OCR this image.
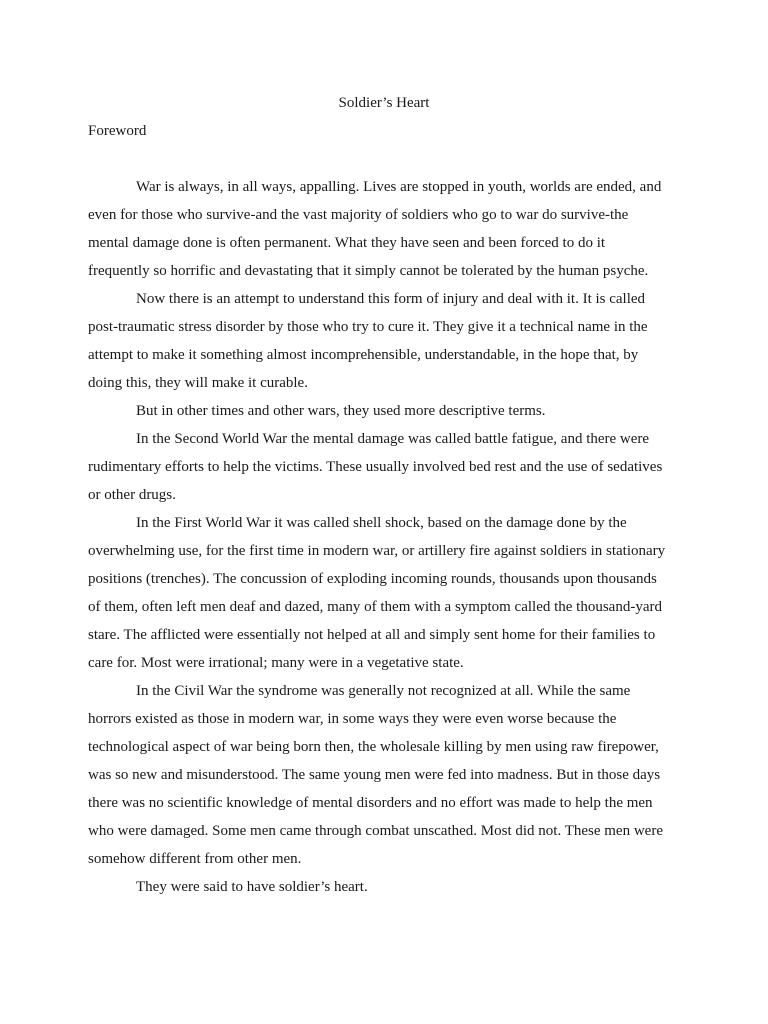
Soldier’s Heart
Foreword

War is always, in all ways, appalling. Lives are stopped in youth, worlds are ended, and even for those who survive-and the vast majority of soldiers who go to war do survive-the mental damage done is often permanent. What they have seen and been forced to do it frequently so horrific and devastating that it simply cannot be tolerated by the human psyche.

Now there is an attempt to understand this form of injury and deal with it. It is called post-traumatic stress disorder by those who try to cure it. They give it a technical name in the attempt to make it something almost incomprehensible, understandable, in the hope that, by doing this, they will make it curable.

But in other times and other wars, they used more descriptive terms.

In the Second World War the mental damage was called battle fatigue, and there were rudimentary efforts to help the victims. These usually involved bed rest and the use of sedatives or other drugs.

In the First World War it was called shell shock, based on the damage done by the overwhelming use, for the first time in modern war, or artillery fire against soldiers in stationary positions (trenches). The concussion of exploding incoming rounds, thousands upon thousands of them, often left men deaf and dazed, many of them with a symptom called the thousand-yard stare. The afflicted were essentially not helped at all and simply sent home for their families to care for. Most were irrational; many were in a vegetative state.

In the Civil War the syndrome was generally not recognized at all. While the same horrors existed as those in modern war, in some ways they were even worse because the technological aspect of war being born then, the wholesale killing by men using raw firepower, was so new and misunderstood. The same young men were fed into madness. But in those days there was no scientific knowledge of mental disorders and no effort was made to help the men who were damaged. Some men came through combat unscathed. Most did not. These men were somehow different from other men.

They were said to have soldier’s heart.
